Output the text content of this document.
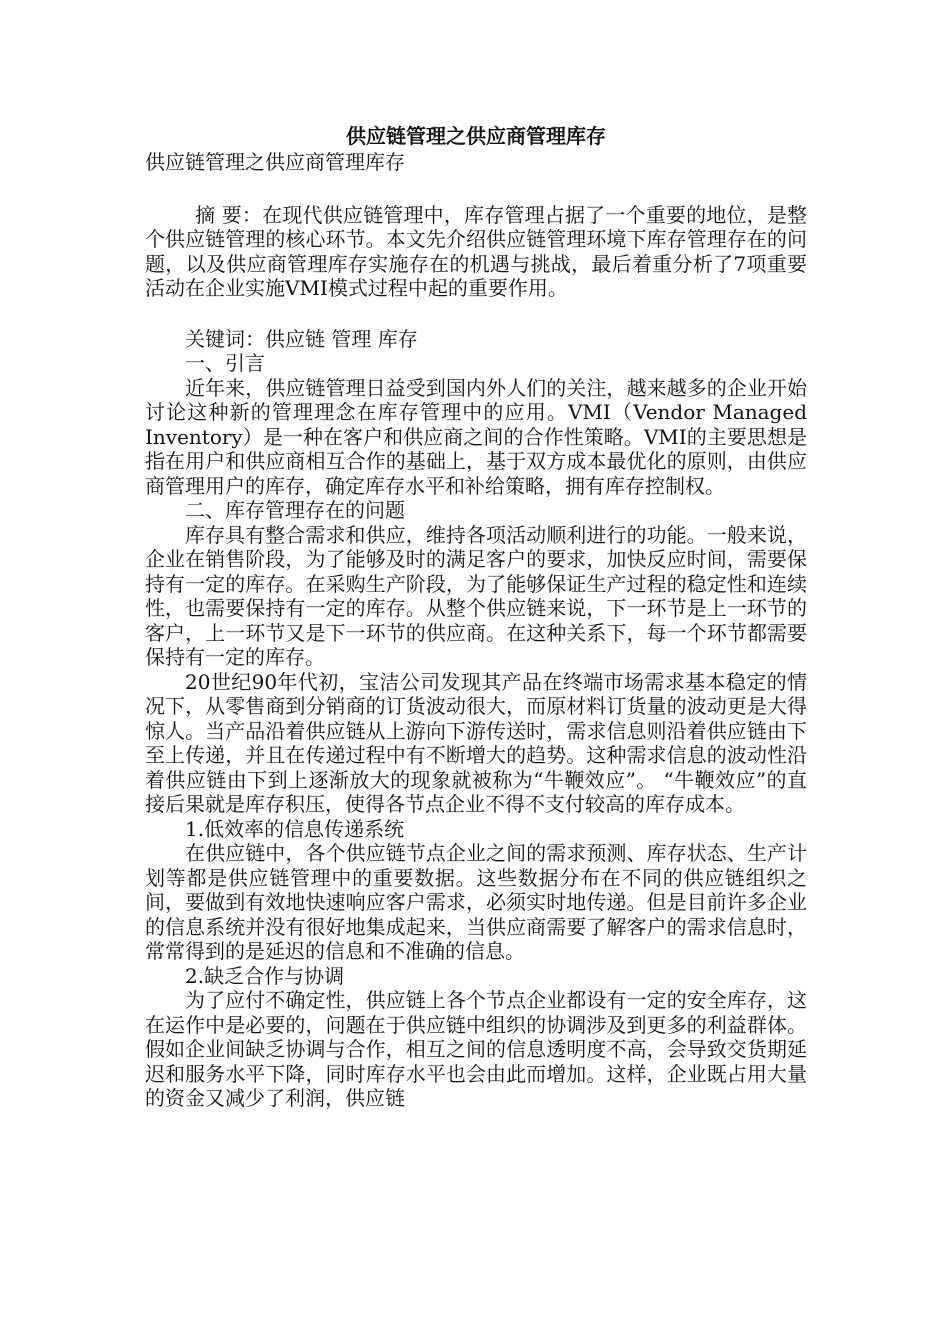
供应链管理之供应商管理库存
供应链管理之供应商管理库存
摘 要：在现代供应链管理中，库存管理占据了一个重要的地位，是整个供应链管理的核心环节。本文先介绍供应链管理环境下库存管理存在的问题，以及供应商管理库存实施存在的机遇与挑战，最后着重分析了7项重要活动在企业实施VMI模式过程中起的重要作用。
关键词：供应链 管理 库存
一、引言
近年来，供应链管理日益受到国内外人们的关注，越来越多的企业开始讨论这种新的管理理念在库存管理中的应用。VMI（Vendor Managed Inventory）是一种在客户和供应商之间的合作性策略。VMI的主要思想是指在用户和供应商相互合作的基础上，基于双方成本最优化的原则，由供应商管理用户的库存，确定库存水平和补给策略，拥有库存控制权。
二、库存管理存在的问题
库存具有整合需求和供应，维持各项活动顺利进行的功能。一般来说，企业在销售阶段，为了能够及时的满足客户的要求，加快反应时间，需要保持有一定的库存。在采购生产阶段，为了能够保证生产过程的稳定性和连续性，也需要保持有一定的库存。从整个供应链来说，下一环节是上一环节的客户，上一环节又是下一环节的供应商。在这种关系下，每一个环节都需要保持有一定的库存。
20世纪90年代初，宝洁公司发现其产品在终端市场需求基本稳定的情况下，从零售商到分销商的订货波动很大，而原材料订货量的波动更是大得惊人。当产品沿着供应链从上游向下游传送时，需求信息则沿着供应链由下至上传递，并且在传递过程中有不断增大的趋势。这种需求信息的波动性沿着供应链由下到上逐渐放大的现象就被称为“牛鞭效应”。 “牛鞭效应”的直接后果就是库存积压，使得各节点企业不得不支付较高的库存成本。
1.低效率的信息传递系统
在供应链中，各个供应链节点企业之间的需求预测、库存状态、生产计划等都是供应链管理中的重要数据。这些数据分布在不同的供应链组织之间，要做到有效地快速响应客户需求，必须实时地传递。但是目前许多企业的信息系统并没有很好地集成起来，当供应商需要了解客户的需求信息时，常常得到的是延迟的信息和不准确的信息。
2.缺乏合作与协调
为了应付不确定性，供应链上各个节点企业都设有一定的安全库存，这在运作中是必要的，问题在于供应链中组织的协调涉及到更多的利益群体。假如企业间缺乏协调与合作，相互之间的信息透明度不高，会导致交货期延迟和服务水平下降，同时库存水平也会由此而增加。这样，企业既占用大量的资金又减少了利润，供应链
